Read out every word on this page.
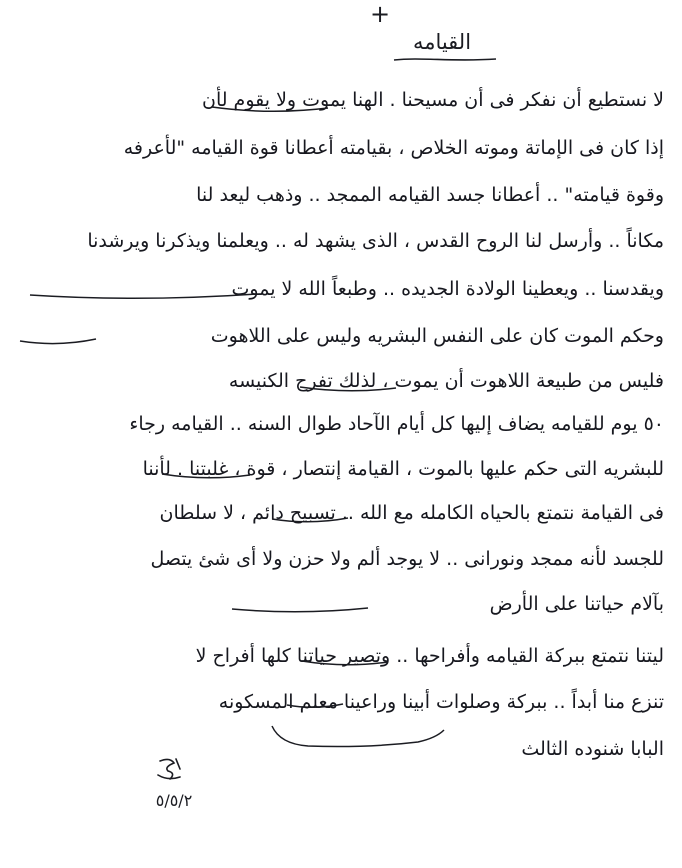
+
القيامه
لا نستطيع أن نفكر فى أن مسيحنا . الهنا يموت ولا يقوم لأن
إذا كان فى الإماتة وموته الخلاص ، بقيامته أعطانا قوة القيامه "لأعرفه
وقوة قيامته" .. أعطانا جسد القيامه الممجد .. وذهب ليعد لنا
مكاناً .. وأرسل لنا الروح القدس ، الذى يشهد له .. ويعلمنا ويذكرنا ويرشدنا
ويقدسنا .. ويعطينا الولادة الجديده .. وطبعاً الله لا يموت
وحكم الموت كان على النفس البشريه وليس على اللاهوت
فليس من طبيعة اللاهوت أن يموت ، لذلك تفرح الكنيسه
٥٠ يوم للقيامه يضاف إليها كل أيام الآحاد طوال السنه .. القيامه رجاء
للبشريه التى حكم عليها بالموت ، القيامة إنتصار ، قوة ، غلبتنا . لأننا
فى القيامة نتمتع بالحياه الكامله مع الله .. تسبيح دائم ، لا سلطان
للجسد لأنه ممجد ونورانى .. لا يوجد ألم ولا حزن ولا أى شئ يتصل
بآلام حياتنا على الأرض
ليتنا نتمتع ببركة القيامه وأفراحها .. وتصير حياتنا كلها أفراح لا
تنزع منا أبداً .. ببركة وصلوات أبينا وراعينا معلم المسكونه
البابا شنوده الثالث
٥/٥/٢
